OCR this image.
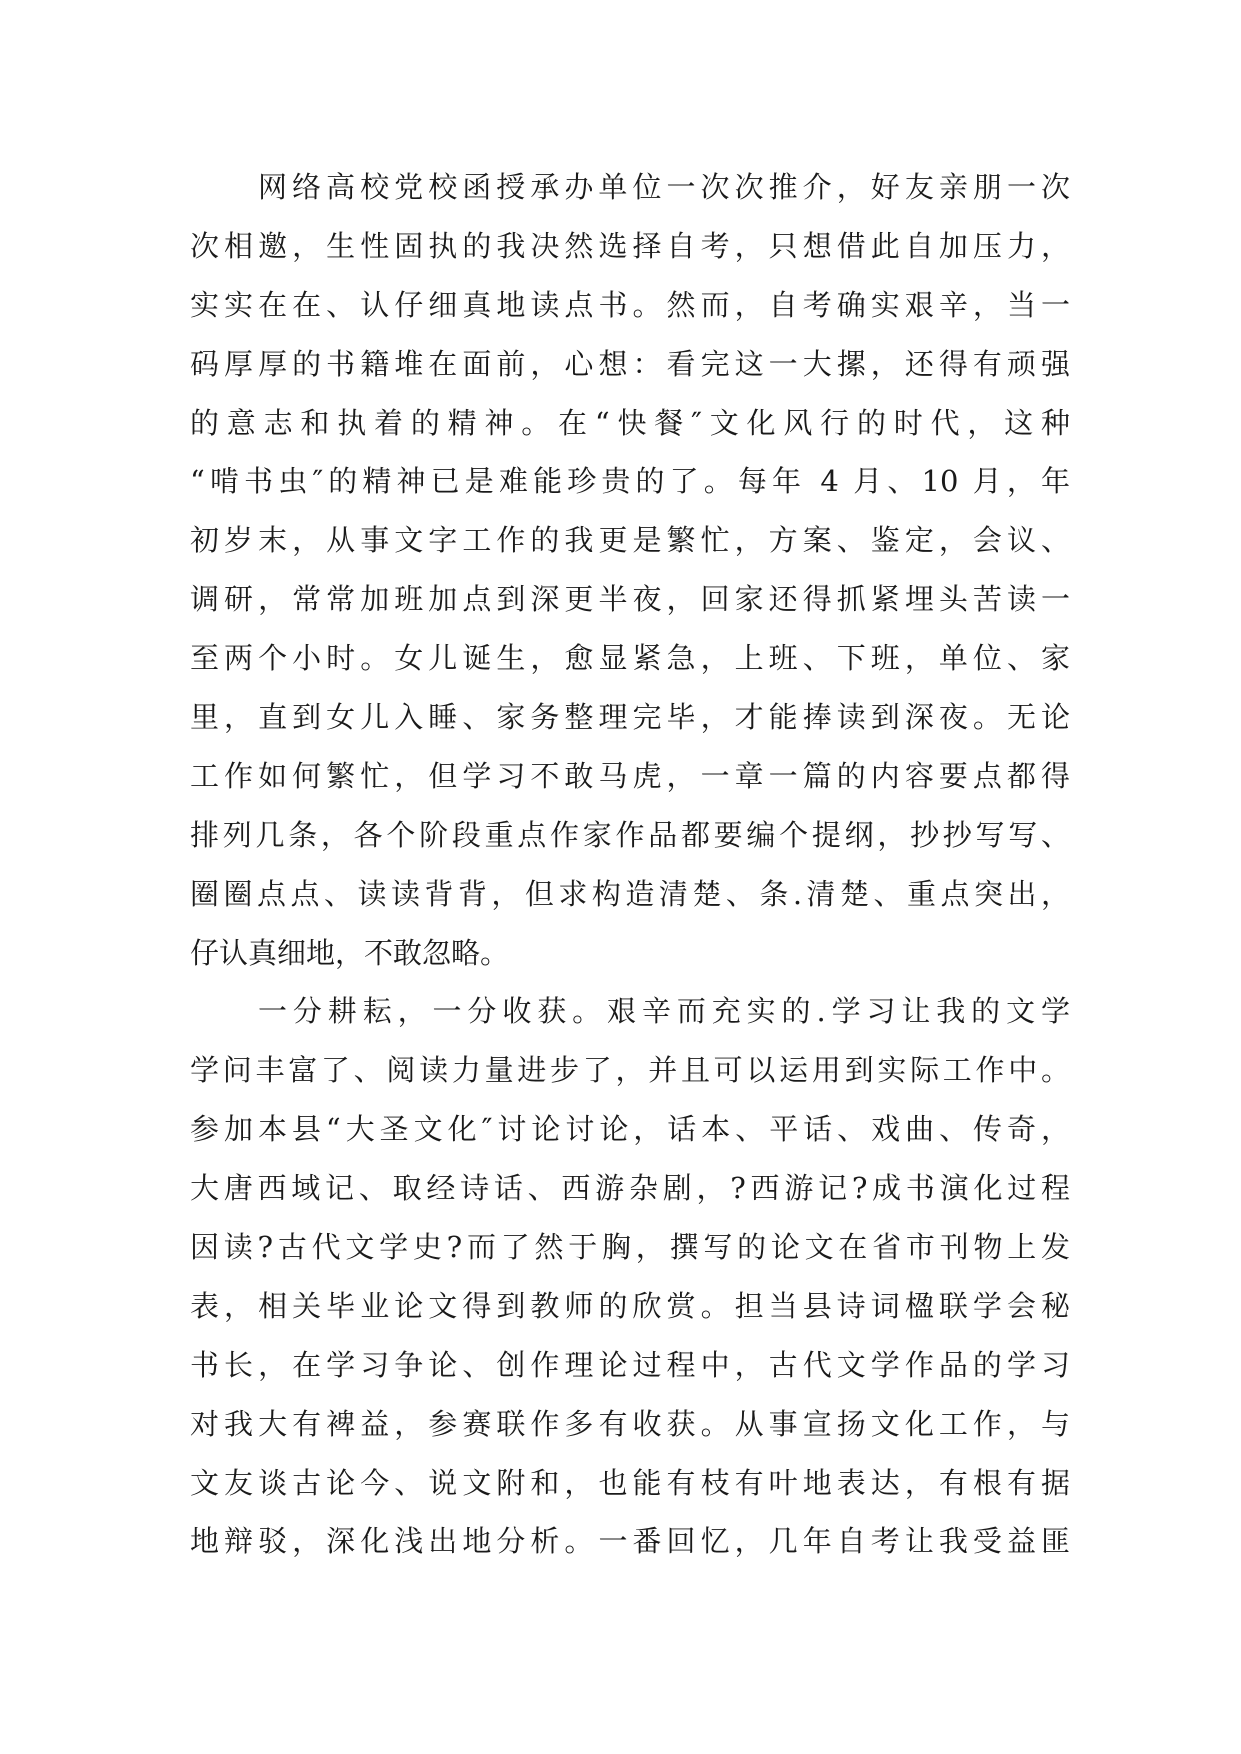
网络高校党校函授承办单位一次次推介，好友亲朋一次
次相邀，生性固执的我决然选择自考，只想借此自加压力，
实实在在、认仔细真地读点书。然而，自考确实艰辛，当一
码厚厚的书籍堆在面前，心想：看完这一大摞，还得有顽强
的意志和执着的精神。在“快餐″文化风行的时代，这种
“啃书虫″的精神已是难能珍贵的了。每年 4 月、10 月，年
初岁末，从事文字工作的我更是繁忙，方案、鉴定，会议、
调研，常常加班加点到深更半夜，回家还得抓紧埋头苦读一
至两个小时。女儿诞生，愈显紧急，上班、下班，单位、家
里，直到女儿入睡、家务整理完毕，才能捧读到深夜。无论
工作如何繁忙，但学习不敢马虎，一章一篇的内容要点都得
排列几条，各个阶段重点作家作品都要编个提纲，抄抄写写、
圈圈点点、读读背背，但求构造清楚、条.清楚、重点突出，
仔认真细地，不敢忽略。
一分耕耘，一分收获。艰辛而充实的.学习让我的文学
学问丰富了、阅读力量进步了，并且可以运用到实际工作中。
参加本县“大圣文化″讨论讨论，话本、平话、戏曲、传奇，
大唐西域记、取经诗话、西游杂剧，?西游记?成书演化过程
因读?古代文学史?而了然于胸，撰写的论文在省市刊物上发
表，相关毕业论文得到教师的欣赏。担当县诗词楹联学会秘
书长，在学习争论、创作理论过程中，古代文学作品的学习
对我大有裨益，参赛联作多有收获。从事宣扬文化工作，与
文友谈古论今、说文附和，也能有枝有叶地表达，有根有据
地辩驳，深化浅出地分析。一番回忆，几年自考让我受益匪
